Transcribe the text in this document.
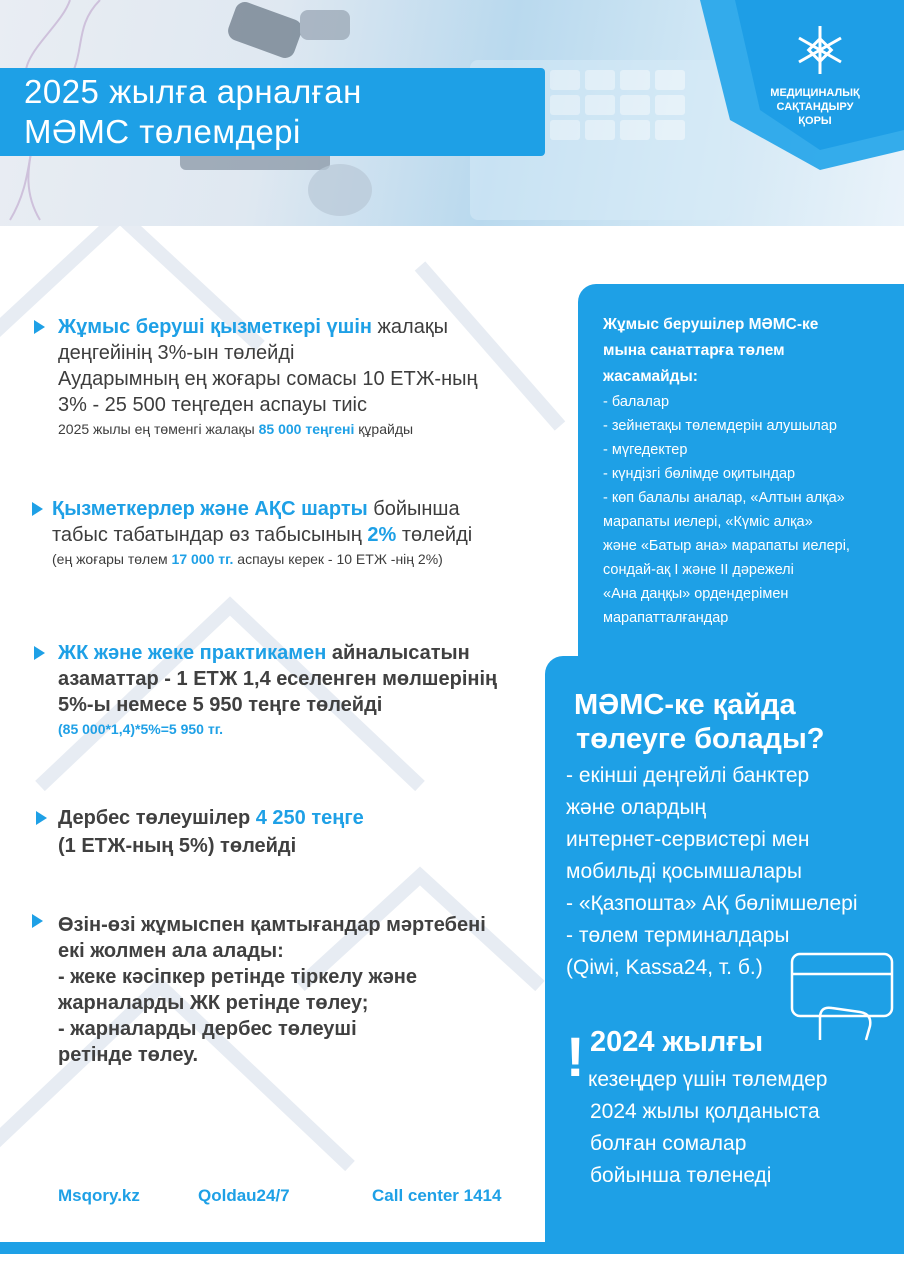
2025 жылға арналған
МӘМС төлемдері
МЕДИЦИНАЛЫҚ
САҚТАНДЫРУ
ҚОРЫ
Жұмыс беруші қызметкері үшін жалақы
деңгейінің 3%-ын төлейді
Аударымның ең жоғары сомасы 10 ЕТЖ-ның
3% - 25 500 теңгеден аспауы тиіс
2025 жылы ең төменгі жалақы 85 000 теңгені құрайды
Қызметкерлер және АҚС шарты бойынша
табыс табатындар өз табысының 2% төлейді
(ең жоғары төлем 17 000 тг. аспауы керек - 10 ЕТЖ -нің 2%)
ЖК және жеке практикамен айналысатын
азаматтар - 1 ЕТЖ 1,4 еселенген мөлшерінің
5%-ы немесе 5 950 теңге төлейді
(85 000*1,4)*5%=5 950 тг.
Дербес төлеушілер 4 250 теңге
(1 ЕТЖ-ның 5%) төлейді
Өзін-өзі жұмыспен қамтығандар мәртебені
екі жолмен ала алады:
- жеке кәсіпкер ретінде тіркелу және
жарналарды ЖК ретінде төлеу;
- жарналарды дербес төлеуші
ретінде төлеу.
Жұмыс берушілер МӘМС-ке
мына санаттарға төлем
жасамайды:
- балалар
- зейнетақы төлемдерін алушылар
- мүгедектер
- күндізгі бөлімде оқитындар
- көп балалы аналар, «Алтын алқа»
марапаты иелері, «Күміс алқа»
және «Батыр ана» марапаты иелері,
сондай-ақ І және ІІ дәрежелі
«Ана даңқы» ордендерімен
марапатталғандар
МӘМС-ке қайда
төлеуге болады?
- екінші деңгейлі банктер
және олардың
интернет-сервистері мен
мобильді қосымшалары
- «Қазпошта» АҚ бөлімшелері
- төлем терминалдары
(Qiwi, Kassa24, т. б.)
! 2024 жылғы
кезеңдер үшін төлемдер
2024 жылы қолданыста
болған сомалар
бойынша төленеді
Msqory.kz	Qoldau24/7	Call center 1414
